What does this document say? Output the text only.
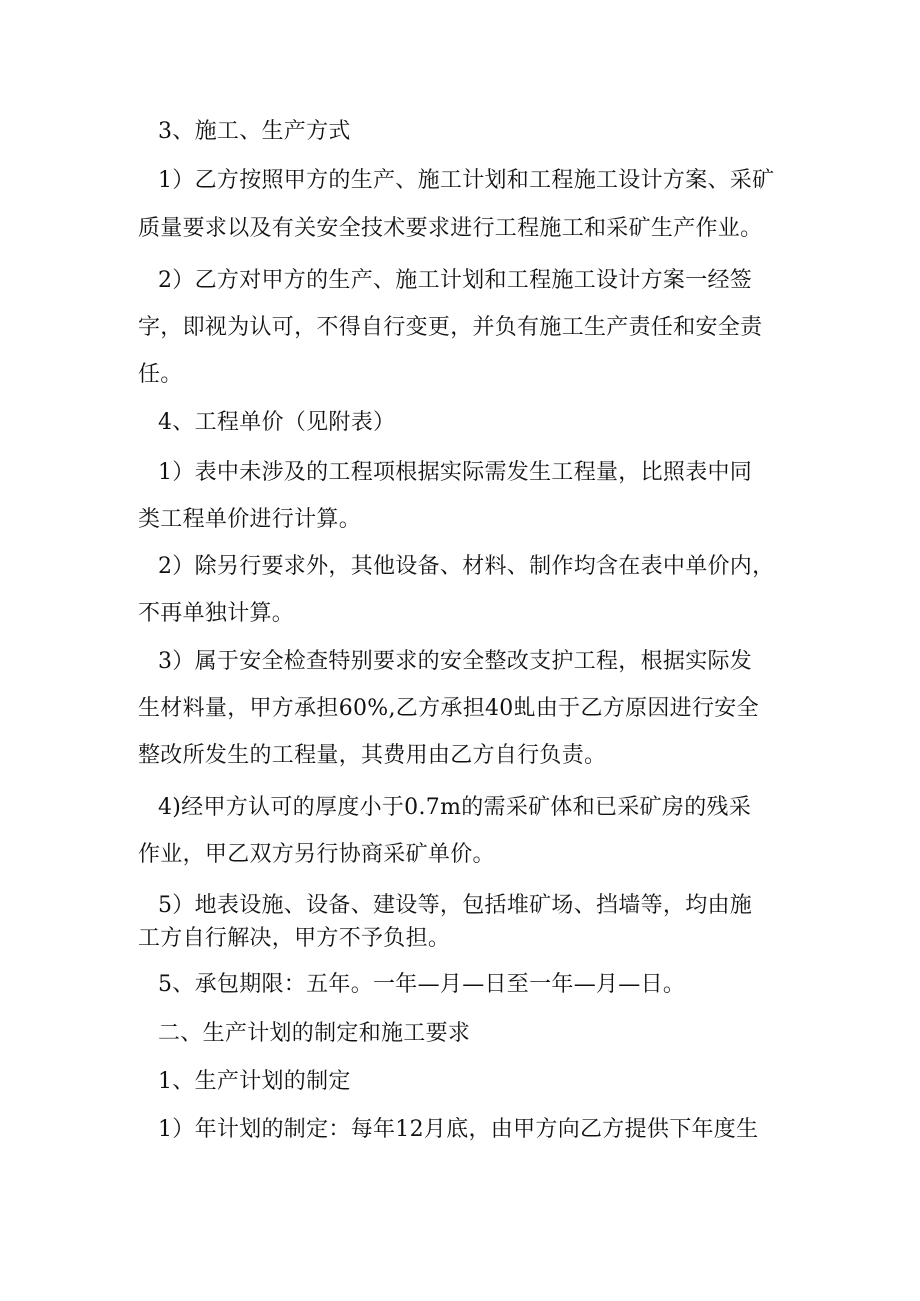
3、施工、生产方式
1）乙方按照甲方的生产、施工计划和工程施工设计方案、采矿
质量要求以及有关安全技术要求进行工程施工和采矿生产作业。
2）乙方对甲方的生产、施工计划和工程施工设计方案一经签
字，即视为认可，不得自行变更，并负有施工生产责任和安全责
任。
4、工程单价（见附表）
1）表中未涉及的工程项根据实际需发生工程量，比照表中同
类工程单价进行计算。
2）除另行要求外，其他设备、材料、制作均含在表中单价内，
不再单独计算。
3）属于安全检查特别要求的安全整改支护工程，根据实际发
生材料量，甲方承担60%,乙方承担40虬由于乙方原因进行安全
整改所发生的工程量，其费用由乙方自行负责。
4)经甲方认可的厚度小于0.7m的需采矿体和已采矿房的残采
作业，甲乙双方另行协商采矿单价。
5）地表设施、设备、建设等，包括堆矿场、挡墙等，均由施
工方自行解决，甲方不予负担。
5、承包期限：五年。一年—月—日至一年—月—日。
二、生产计划的制定和施工要求
1、生产计划的制定
1）年计划的制定：每年12月底，由甲方向乙方提供下年度生
